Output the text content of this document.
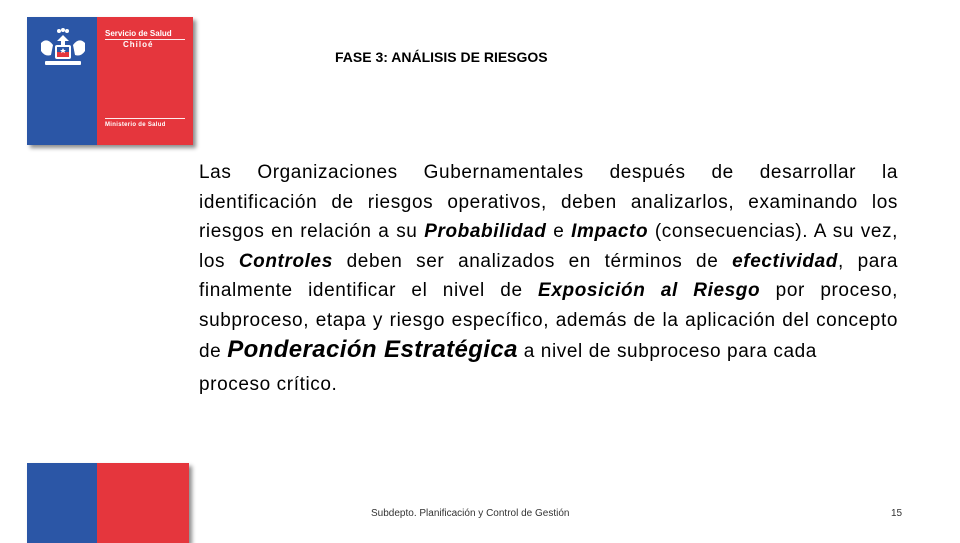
Servicio de Salud
Chiloé
Ministerio de Salud
FASE 3: ANÁLISIS DE RIESGOS
Las Organizaciones Gubernamentales después de desarrollar la identificación de riesgos operativos, deben analizarlos, examinando los riesgos en relación a su Probabilidad e Impacto (consecuencias). A su vez, los Controles deben ser analizados en términos de efectividad, para finalmente identificar el nivel de Exposición al Riesgo por proceso, subproceso, etapa y riesgo específico, además de la aplicación del concepto de Ponderación Estratégica a nivel de subproceso para cada
proceso crítico.
Subdepto. Planificación y Control de Gestión	15
